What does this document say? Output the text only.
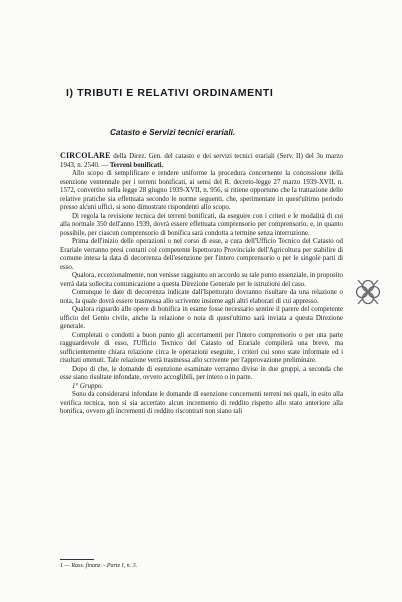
I) TRIBUTI E RELATIVI ORDINAMENTI
Catasto e Servizi tecnici erariali.

CIRCOLARE della Direz. Gen. del catasto e dei servizi tecnici erariali (Serv. II) del 3o marzo 1943, n. 2540. — Terreni bonificati.

Allo scopo di semplificare e rendere uniforme la procedura concernente la concessione della esenzione ventennale per i terreni bonificati, ai sensi del R. decreto-legge 27 marzo 1939-XVII, n. 1572, convertito nella legge 28 giugno 1939-XVII, n. 956, si ritiene opportuno che la trattazione delle relative pratiche sia effettuata secondo le norme seguenti, che, sperimentate in quest'ultimo periodo presso alcuni uffici, si sono dimostrate rispondenti allo scopo.

Di regola la revisione tecnica dei terreni bonificati, da eseguire con i criteri e le modalità di cui alla normale 350 dell'anno 1939, dovrà essere effettuata comprensorio per comprensorio, e, in quanto possibile, per ciascun comprensorio di bonifica sarà condotta a termine senza interruzione.

Prima dell'inizio delle operazioni o nel corso di esse, a cura dell'Ufficio Tecnico del Catasto od Erariale verranno presi contatti col competente Ispettorato Provinciale dell'Agricoltura per stabilire di comune intesa la data di decorrenza dell'esenzione per l'intero comprensorio o per le singole parti di esso.

Qualora, eccezionalmente, non venisse raggiunto un accordo su tale punto essenziale, in proposito verrà data sollecita comunicazione a questa Direzione Generale per le istruzioni del caso.

Comunque le date di decorrenza indicate dall'Ispettorato dovranno risultare da una relazione o nota, la quale dovrà essere trasmessa allo scrivente insieme agli altri elaborati di cui appresso.

Qualora riguardo alle opere di bonifica in esame fosse necessario sentire il parere del competente ufficio del Genio civile, anche la relazione o nota di quest'ultimo sarà inviata a questa Direzione generale.

Completati o condotti a buon punto gli accertamenti per l'intero comprensorio o per una parte ragguardevole di esso, l'Ufficio Tecnico del Catasto od Erariale compilerà una breve, ma sufficientemente chiara relazione circa le operazioni eseguite, i criteri cui sono state informate ed i risultati ottenuti. Tale relazione verrà trasmessa allo scrivente per l'approvazione preliminare.

Dopo di che, le domande di esenzione esaminate verranno divise in due gruppi, a seconda che esse siano risultate infondate, ovvero accoglibili, per intero o in parte.

1° Gruppo.

Sono da considerarsi infondate le domande di esenzione concernenti terreni nei quali, in esito alla verifica tecnica, non si sia accertato alcun incremento di reddito rispetto allo stato anteriore alla bonifica, ovvero gli incrementi di reddito riscontrati non siano tali

1 — Rass. finanz. - Parte I, n. 3.
